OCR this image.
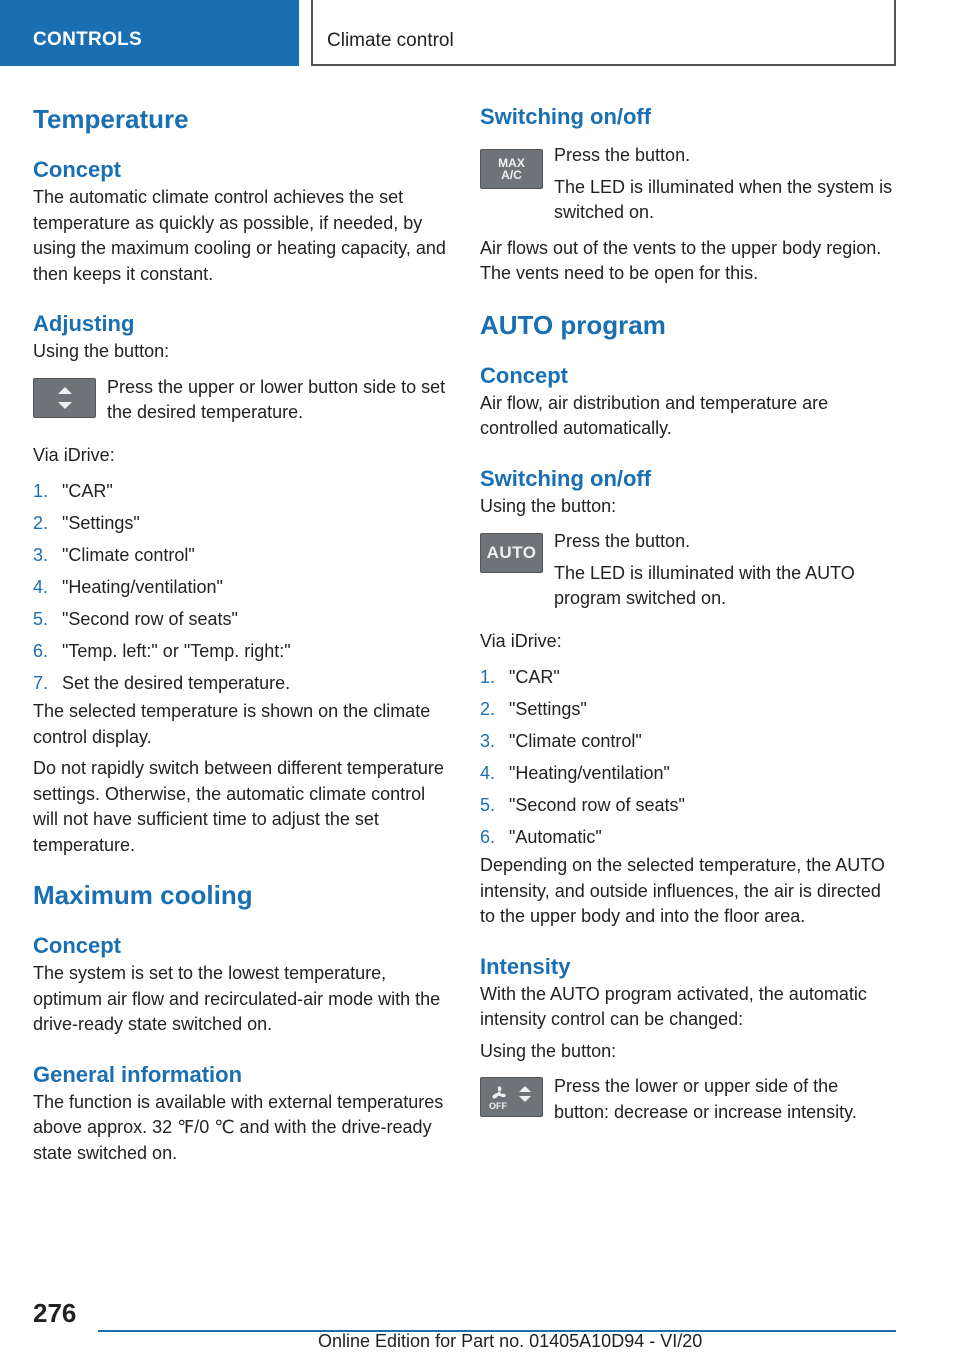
CONTROLS	Climate control
Temperature
Concept
The automatic climate control achieves the set temperature as quickly as possible, if needed, by using the maximum cooling or heating capacity, and then keeps it constant.
Adjusting
Using the button:
Press the upper or lower button side to set the desired temperature.
Via iDrive:
1. "CAR"
2. "Settings"
3. "Climate control"
4. "Heating/ventilation"
5. "Second row of seats"
6. "Temp. left:" or "Temp. right:"
7. Set the desired temperature.
The selected temperature is shown on the climate control display.
Do not rapidly switch between different temperature settings. Otherwise, the automatic climate control will not have sufficient time to adjust the set temperature.
Maximum cooling
Concept
The system is set to the lowest temperature, optimum air flow and recirculated-air mode with the drive-ready state switched on.
General information
The function is available with external temperatures above approx. 32 ℉/0 ℃ and with the drive-ready state switched on.
Switching on/off
MAX
A/C
Press the button.
The LED is illuminated when the system is switched on.
Air flows out of the vents to the upper body region. The vents need to be open for this.
AUTO program
Concept
Air flow, air distribution and temperature are controlled automatically.
Switching on/off
Using the button:
AUTO
Press the button.
The LED is illuminated with the AUTO program switched on.
Via iDrive:
1. "CAR"
2. "Settings"
3. "Climate control"
4. "Heating/ventilation"
5. "Second row of seats"
6. "Automatic"
Depending on the selected temperature, the AUTO intensity, and outside influences, the air is directed to the upper body and into the floor area.
Intensity
With the AUTO program activated, the automatic intensity control can be changed:
Using the button:
OFF
Press the lower or upper side of the button: decrease or increase intensity.
276
Online Edition for Part no. 01405A10D94 - VI/20
